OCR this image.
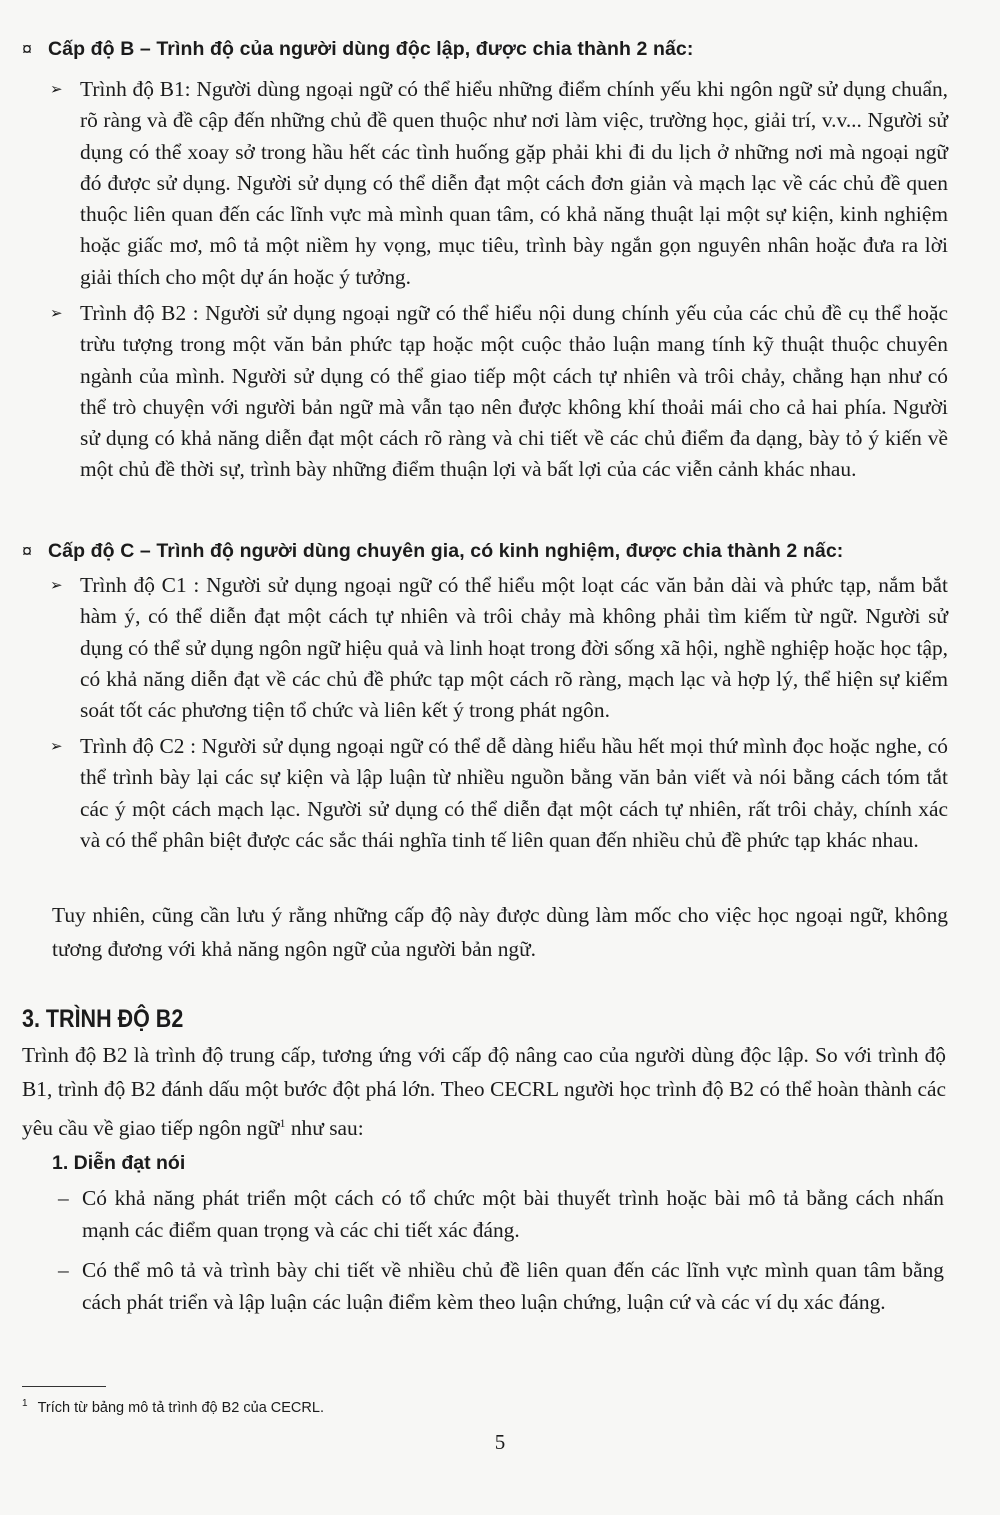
¤ Cấp độ B – Trình độ của người dùng độc lập, được chia thành 2 nấc:
➢ Trình độ B1: Người dùng ngoại ngữ có thể hiểu những điểm chính yếu khi ngôn ngữ sử dụng chuẩn, rõ ràng và đề cập đến những chủ đề quen thuộc như nơi làm việc, trường học, giải trí, v.v... Người sử dụng có thể xoay sở trong hầu hết các tình huống gặp phải khi đi du lịch ở những nơi mà ngoại ngữ đó được sử dụng. Người sử dụng có thể diễn đạt một cách đơn giản và mạch lạc về các chủ đề quen thuộc liên quan đến các lĩnh vực mà mình quan tâm, có khả năng thuật lại một sự kiện, kinh nghiệm hoặc giấc mơ, mô tả một niềm hy vọng, mục tiêu, trình bày ngắn gọn nguyên nhân hoặc đưa ra lời giải thích cho một dự án hoặc ý tưởng.
➢ Trình độ B2 : Người sử dụng ngoại ngữ có thể hiểu nội dung chính yếu của các chủ đề cụ thể hoặc trừu tượng trong một văn bản phức tạp hoặc một cuộc thảo luận mang tính kỹ thuật thuộc chuyên ngành của mình. Người sử dụng có thể giao tiếp một cách tự nhiên và trôi chảy, chẳng hạn như có thể trò chuyện với người bản ngữ mà vẫn tạo nên được không khí thoải mái cho cả hai phía. Người sử dụng có khả năng diễn đạt một cách rõ ràng và chi tiết về các chủ điểm đa dạng, bày tỏ ý kiến về một chủ đề thời sự, trình bày những điểm thuận lợi và bất lợi của các viễn cảnh khác nhau.
¤ Cấp độ C – Trình độ người dùng chuyên gia, có kinh nghiệm, được chia thành 2 nấc:
➢ Trình độ C1 : Người sử dụng ngoại ngữ có thể hiểu một loạt các văn bản dài và phức tạp, nắm bắt hàm ý, có thể diễn đạt một cách tự nhiên và trôi chảy mà không phải tìm kiếm từ ngữ. Người sử dụng có thể sử dụng ngôn ngữ hiệu quả và linh hoạt trong đời sống xã hội, nghề nghiệp hoặc học tập, có khả năng diễn đạt về các chủ đề phức tạp một cách rõ ràng, mạch lạc và hợp lý, thể hiện sự kiểm soát tốt các phương tiện tổ chức và liên kết ý trong phát ngôn.
➢ Trình độ C2 : Người sử dụng ngoại ngữ có thể dễ dàng hiểu hầu hết mọi thứ mình đọc hoặc nghe, có thể trình bày lại các sự kiện và lập luận từ nhiều nguồn bằng văn bản viết và nói bằng cách tóm tắt các ý một cách mạch lạc. Người sử dụng có thể diễn đạt một cách tự nhiên, rất trôi chảy, chính xác và có thể phân biệt được các sắc thái nghĩa tinh tế liên quan đến nhiều chủ đề phức tạp khác nhau.
Tuy nhiên, cũng cần lưu ý rằng những cấp độ này được dùng làm mốc cho việc học ngoại ngữ, không tương đương với khả năng ngôn ngữ của người bản ngữ.
3. TRÌNH ĐỘ B2
Trình độ B2 là trình độ trung cấp, tương ứng với cấp độ nâng cao của người dùng độc lập. So với trình độ B1, trình độ B2 đánh dấu một bước đột phá lớn. Theo CECRL người học trình độ B2 có thể hoàn thành các yêu cầu về giao tiếp ngôn ngữ$^1$ như sau:
1. Diễn đạt nói
– Có khả năng phát triển một cách có tổ chức một bài thuyết trình hoặc bài mô tả bằng cách nhấn mạnh các điểm quan trọng và các chi tiết xác đáng.
– Có thể mô tả và trình bày chi tiết về nhiều chủ đề liên quan đến các lĩnh vực mình quan tâm bằng cách phát triển và lập luận các luận điểm kèm theo luận chứng, luận cứ và các ví dụ xác đáng.
$^1$ Trích từ bảng mô tả trình độ B2 của CECRL.
5
